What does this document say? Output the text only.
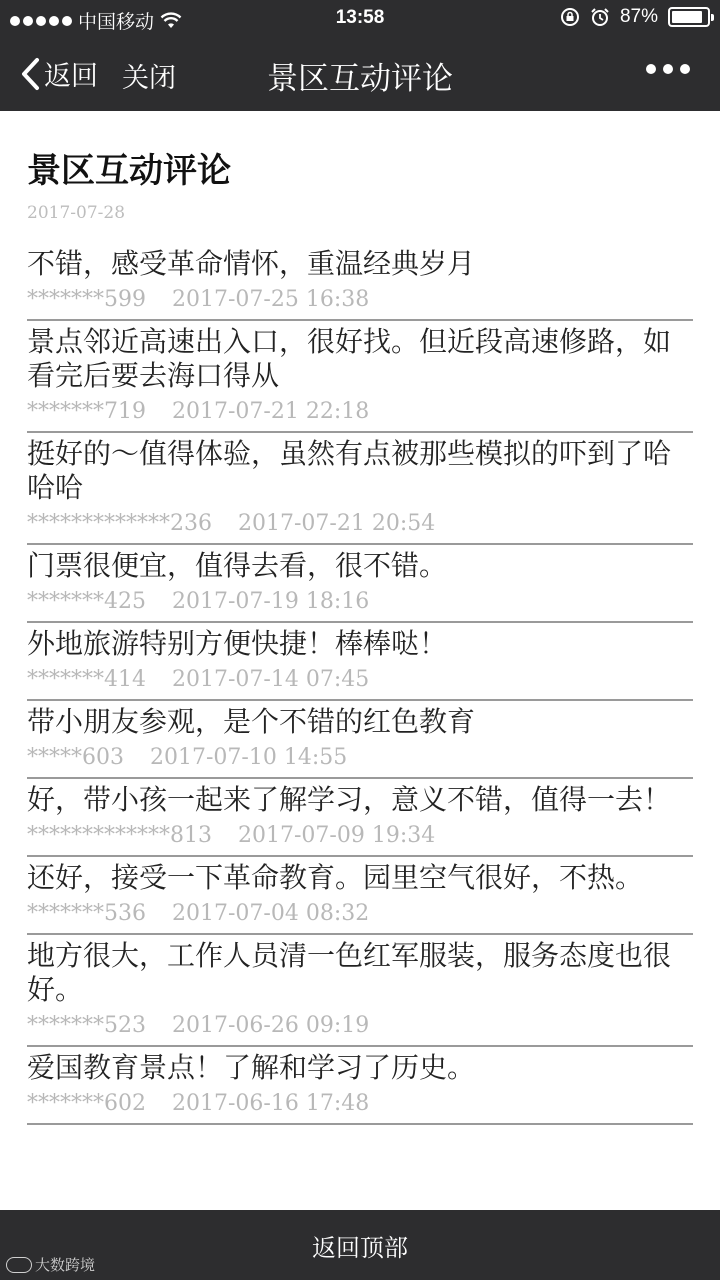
中国移动	13:58	87%
返回 关闭	景区互动评论
景区互动评论
2017-07-28
不错，感受革命情怀，重温经典岁月
*******599 2017-07-25 16:38
景点邻近高速出入口，很好找。但近段高速修路，如看完后要去海口得从
*******719 2017-07-21 22:18
挺好的～值得体验，虽然有点被那些模拟的吓到了哈哈哈
*************236 2017-07-21 20:54
门票很便宜，值得去看，很不错。
*******425 2017-07-19 18:16
外地旅游特别方便快捷！棒棒哒！
*******414 2017-07-14 07:45
带小朋友参观，是个不错的红色教育
*****603 2017-07-10 14:55
好，带小孩一起来了解学习，意义不错，值得一去！
*************813 2017-07-09 19:34
还好，接受一下革命教育。园里空气很好，不热。
*******536 2017-07-04 08:32
地方很大，工作人员清一色红军服装，服务态度也很好。
*******523 2017-06-26 09:19
爱国教育景点！了解和学习了历史。
*******602 2017-06-16 17:48
返回顶部
大数跨境
